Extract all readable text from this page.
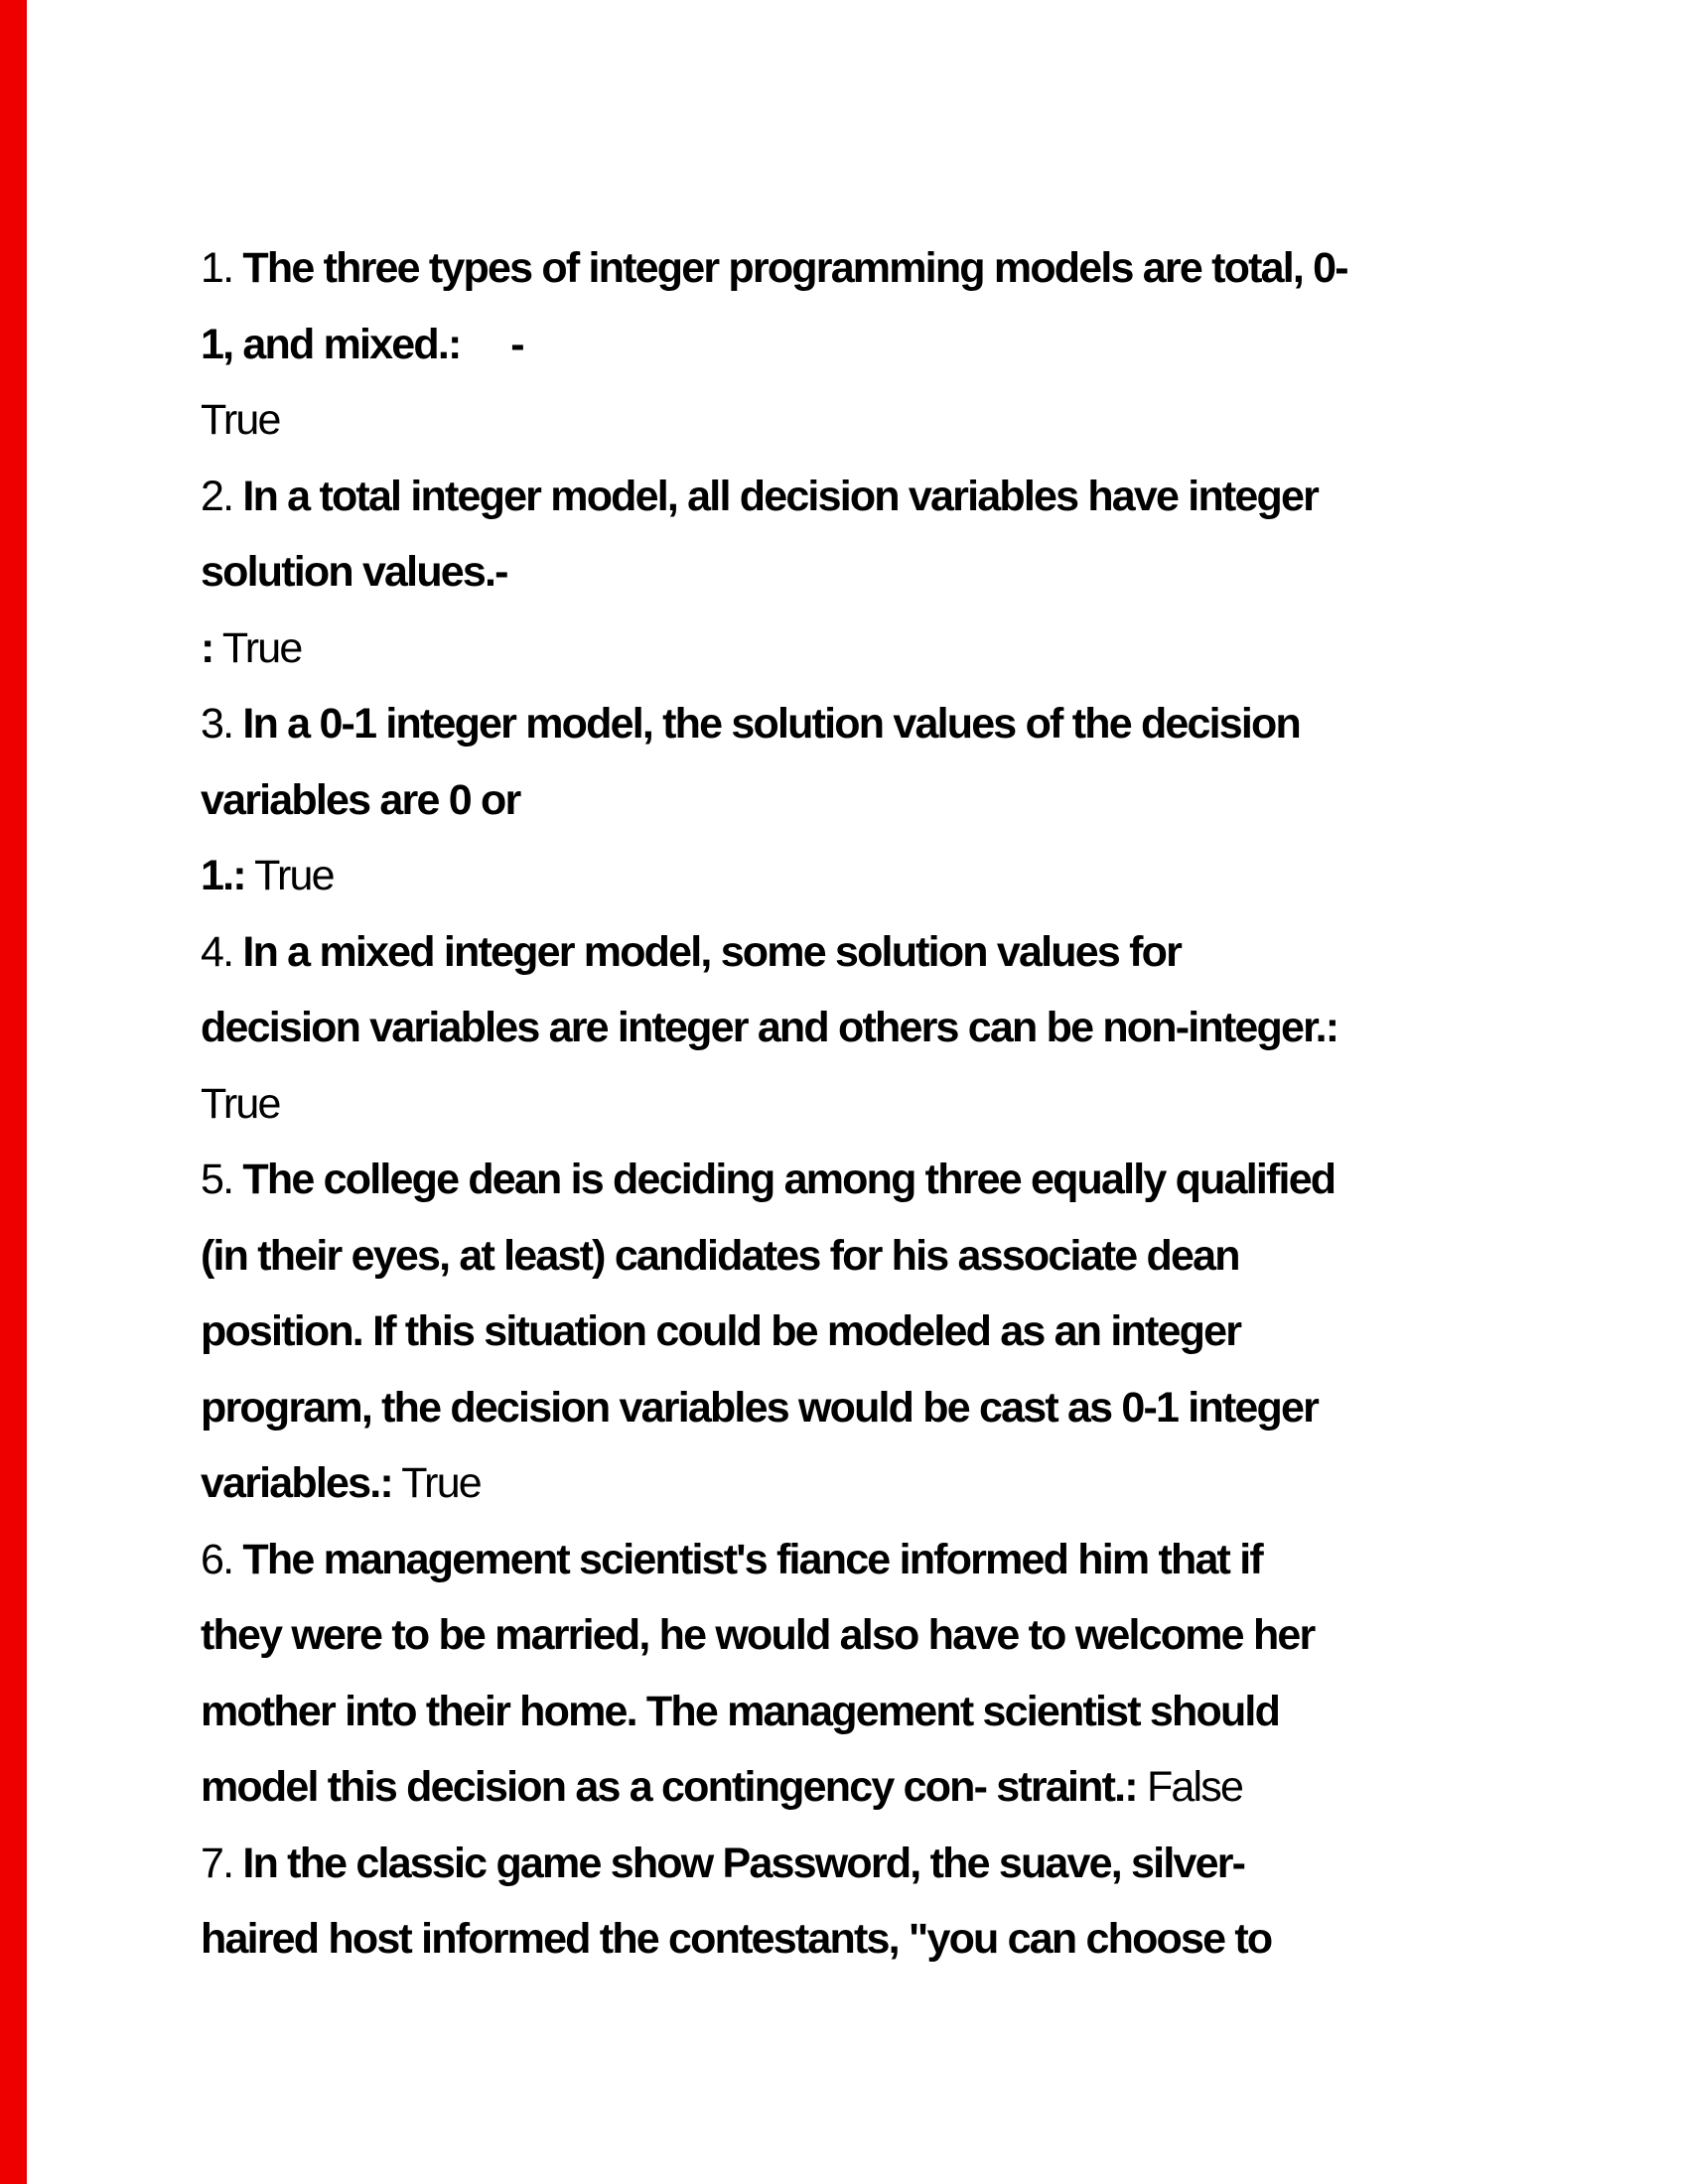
1. The three types of integer programming models are total, 0-
1, and mixed.:     -
True
2. In a total integer model, all decision variables have integer
solution values.-
: True
3. In a 0-1 integer model, the solution values of the decision
variables are 0 or
1.: True
4. In a mixed integer model, some solution values for
decision variables are integer and others can be non-integer.:
True
5. The college dean is deciding among three equally qualified
(in their eyes, at least) candidates for his associate dean
position. If this situation could be modeled as an integer
program, the decision variables would be cast as 0-1 integer
variables.: True
6. The management scientist's fiance informed him that if
they were to be married, he would also have to welcome her
mother into their home. The management scientist should
model this decision as a contingency con- straint.: False
7. In the classic game show Password, the suave, silver-
haired host informed the contestants, "you can choose to
